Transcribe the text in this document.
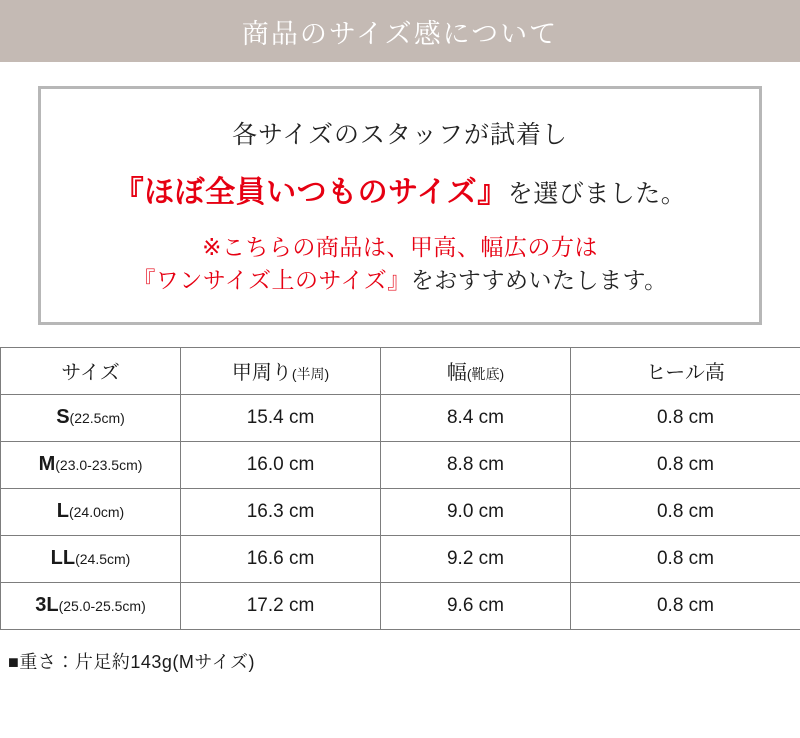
商品のサイズ感について
各サイズのスタッフが試着し
『ほぼ全員いつものサイズ』を選びました。
※こちらの商品は、甲高、幅広の方は
『ワンサイズ上のサイズ』をおすすめいたします。
サイズ	甲周り(半周)	幅(靴底)	ヒール高
S(22.5cm)	15.4 cm	8.4 cm	0.8 cm
M(23.0-23.5cm)	16.0 cm	8.8 cm	0.8 cm
L(24.0cm)	16.3 cm	9.0 cm	0.8 cm
LL(24.5cm)	16.6 cm	9.2 cm	0.8 cm
3L(25.0-25.5cm)	17.2 cm	9.6 cm	0.8 cm
■重さ：片足約143g(Mサイズ)
